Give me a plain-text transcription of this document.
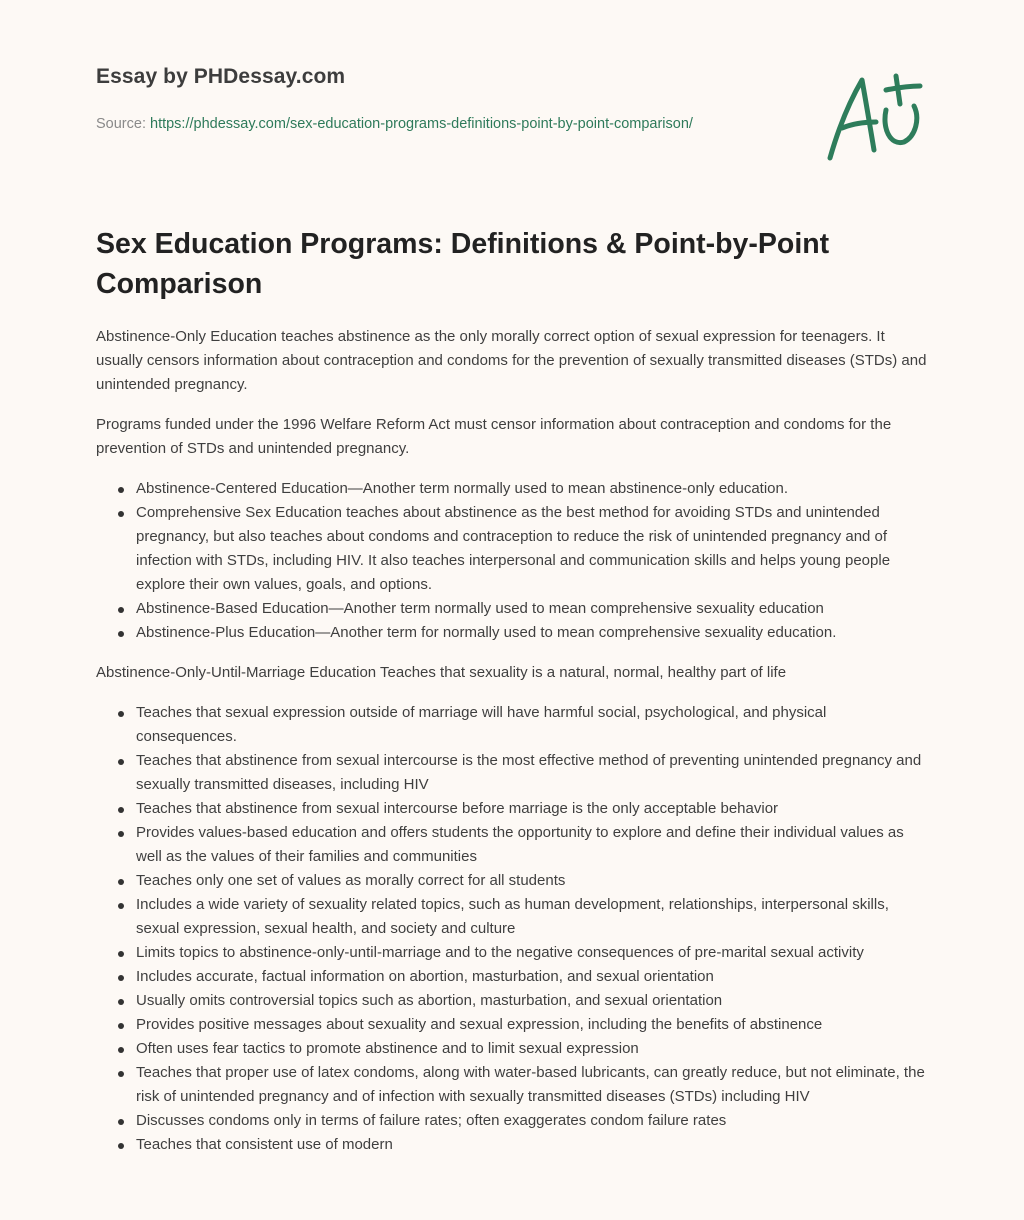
Essay by PHDessay.com
Source: https://phdessay.com/sex-education-programs-definitions-point-by-point-comparison/
Sex Education Programs: Definitions & Point-by-Point Comparison

Abstinence-Only Education teaches abstinence as the only morally correct option of sexual expression for teenagers. It usually censors information about contraception and condoms for the prevention of sexually transmitted diseases (STDs) and unintended pregnancy.

Programs funded under the 1996 Welfare Reform Act must censor information about contraception and condoms for the prevention of STDs and unintended pregnancy.

Abstinence-Centered Education—Another term normally used to mean abstinence-only education.
Comprehensive Sex Education teaches about abstinence as the best method for avoiding STDs and unintended pregnancy, but also teaches about condoms and contraception to reduce the risk of unintended pregnancy and of infection with STDs, including HIV. It also teaches interpersonal and communication skills and helps young people explore their own values, goals, and options.
Abstinence-Based Education—Another term normally used to mean comprehensive sexuality education
Abstinence-Plus Education—Another term for normally used to mean comprehensive sexuality education.

Abstinence-Only-Until-Marriage Education Teaches that sexuality is a natural, normal, healthy part of life

Teaches that sexual expression outside of marriage will have harmful social, psychological, and physical consequences.
Teaches that abstinence from sexual intercourse is the most effective method of preventing unintended pregnancy and sexually transmitted diseases, including HIV
Teaches that abstinence from sexual intercourse before marriage is the only acceptable behavior
Provides values-based education and offers students the opportunity to explore and define their individual values as well as the values of their families and communities
Teaches only one set of values as morally correct for all students
Includes a wide variety of sexuality related topics, such as human development, relationships, interpersonal skills, sexual expression, sexual health, and society and culture
Limits topics to abstinence-only-until-marriage and to the negative consequences of pre-marital sexual activity
Includes accurate, factual information on abortion, masturbation, and sexual orientation
Usually omits controversial topics such as abortion, masturbation, and sexual orientation
Provides positive messages about sexuality and sexual expression, including the benefits of abstinence
Often uses fear tactics to promote abstinence and to limit sexual expression
Teaches that proper use of latex condoms, along with water-based lubricants, can greatly reduce, but not eliminate, the risk of unintended pregnancy and of infection with sexually transmitted diseases (STDs) including HIV
Discusses condoms only in terms of failure rates; often exaggerates condom failure rates
Teaches that consistent use of modern
